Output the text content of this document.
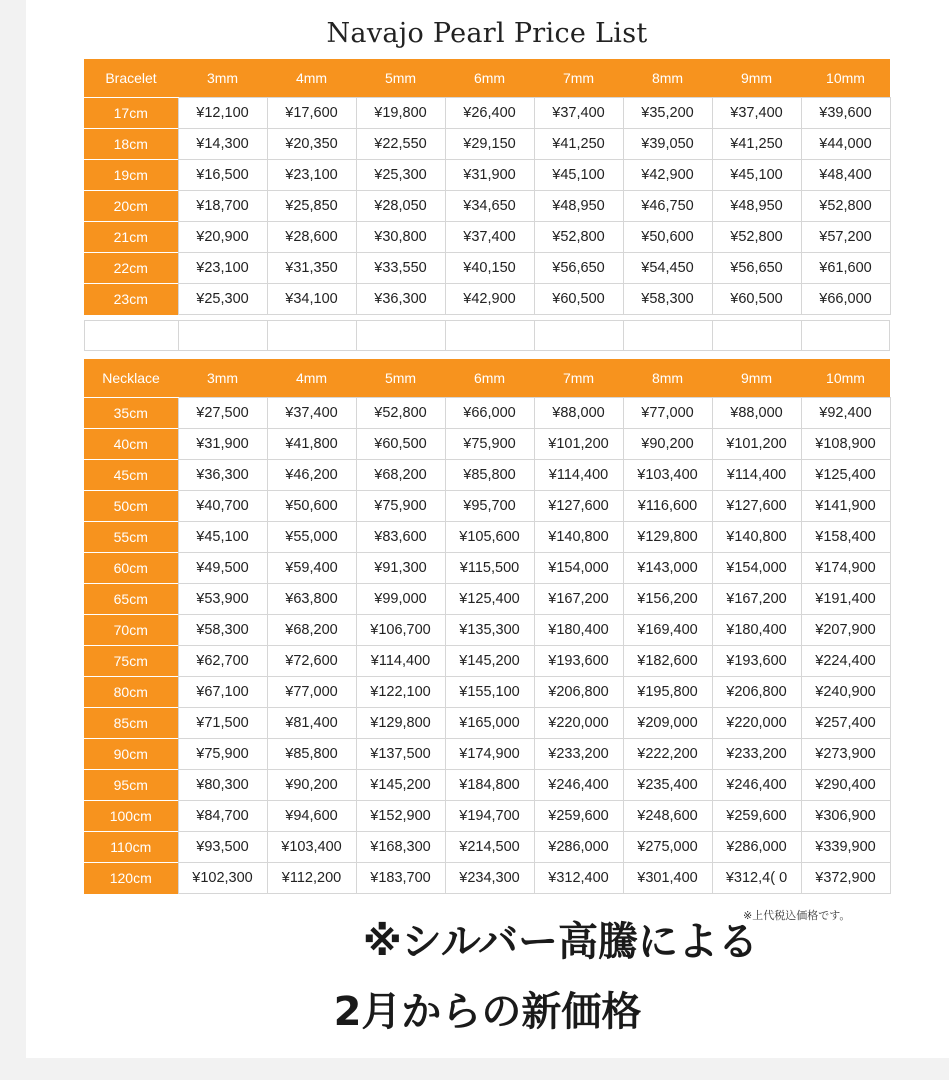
Navajo Pearl Price List
Bracelet	3mm	4mm	5mm	6mm	7mm	8mm	9mm	10mm
17cm	¥12,100	¥17,600	¥19,800	¥26,400	¥37,400	¥35,200	¥37,400	¥39,600
18cm	¥14,300	¥20,350	¥22,550	¥29,150	¥41,250	¥39,050	¥41,250	¥44,000
19cm	¥16,500	¥23,100	¥25,300	¥31,900	¥45,100	¥42,900	¥45,100	¥48,400
20cm	¥18,700	¥25,850	¥28,050	¥34,650	¥48,950	¥46,750	¥48,950	¥52,800
21cm	¥20,900	¥28,600	¥30,800	¥37,400	¥52,800	¥50,600	¥52,800	¥57,200
22cm	¥23,100	¥31,350	¥33,550	¥40,150	¥56,650	¥54,450	¥56,650	¥61,600
23cm	¥25,300	¥34,100	¥36,300	¥42,900	¥60,500	¥58,300	¥60,500	¥66,000
Necklace	3mm	4mm	5mm	6mm	7mm	8mm	9mm	10mm
35cm	¥27,500	¥37,400	¥52,800	¥66,000	¥88,000	¥77,000	¥88,000	¥92,400
40cm	¥31,900	¥41,800	¥60,500	¥75,900	¥101,200	¥90,200	¥101,200	¥108,900
45cm	¥36,300	¥46,200	¥68,200	¥85,800	¥114,400	¥103,400	¥114,400	¥125,400
50cm	¥40,700	¥50,600	¥75,900	¥95,700	¥127,600	¥116,600	¥127,600	¥141,900
55cm	¥45,100	¥55,000	¥83,600	¥105,600	¥140,800	¥129,800	¥140,800	¥158,400
60cm	¥49,500	¥59,400	¥91,300	¥115,500	¥154,000	¥143,000	¥154,000	¥174,900
65cm	¥53,900	¥63,800	¥99,000	¥125,400	¥167,200	¥156,200	¥167,200	¥191,400
70cm	¥58,300	¥68,200	¥106,700	¥135,300	¥180,400	¥169,400	¥180,400	¥207,900
75cm	¥62,700	¥72,600	¥114,400	¥145,200	¥193,600	¥182,600	¥193,600	¥224,400
80cm	¥67,100	¥77,000	¥122,100	¥155,100	¥206,800	¥195,800	¥206,800	¥240,900
85cm	¥71,500	¥81,400	¥129,800	¥165,000	¥220,000	¥209,000	¥220,000	¥257,400
90cm	¥75,900	¥85,800	¥137,500	¥174,900	¥233,200	¥222,200	¥233,200	¥273,900
95cm	¥80,300	¥90,200	¥145,200	¥184,800	¥246,400	¥235,400	¥246,400	¥290,400
100cm	¥84,700	¥94,600	¥152,900	¥194,700	¥259,600	¥248,600	¥259,600	¥306,900
110cm	¥93,500	¥103,400	¥168,300	¥214,500	¥286,000	¥275,000	¥286,000	¥339,900
120cm	¥102,300	¥112,200	¥183,700	¥234,300	¥312,400	¥301,400	¥312,4( 0	¥372,900
※上代税込価格です。
※シルバー高騰による
2月からの新価格
